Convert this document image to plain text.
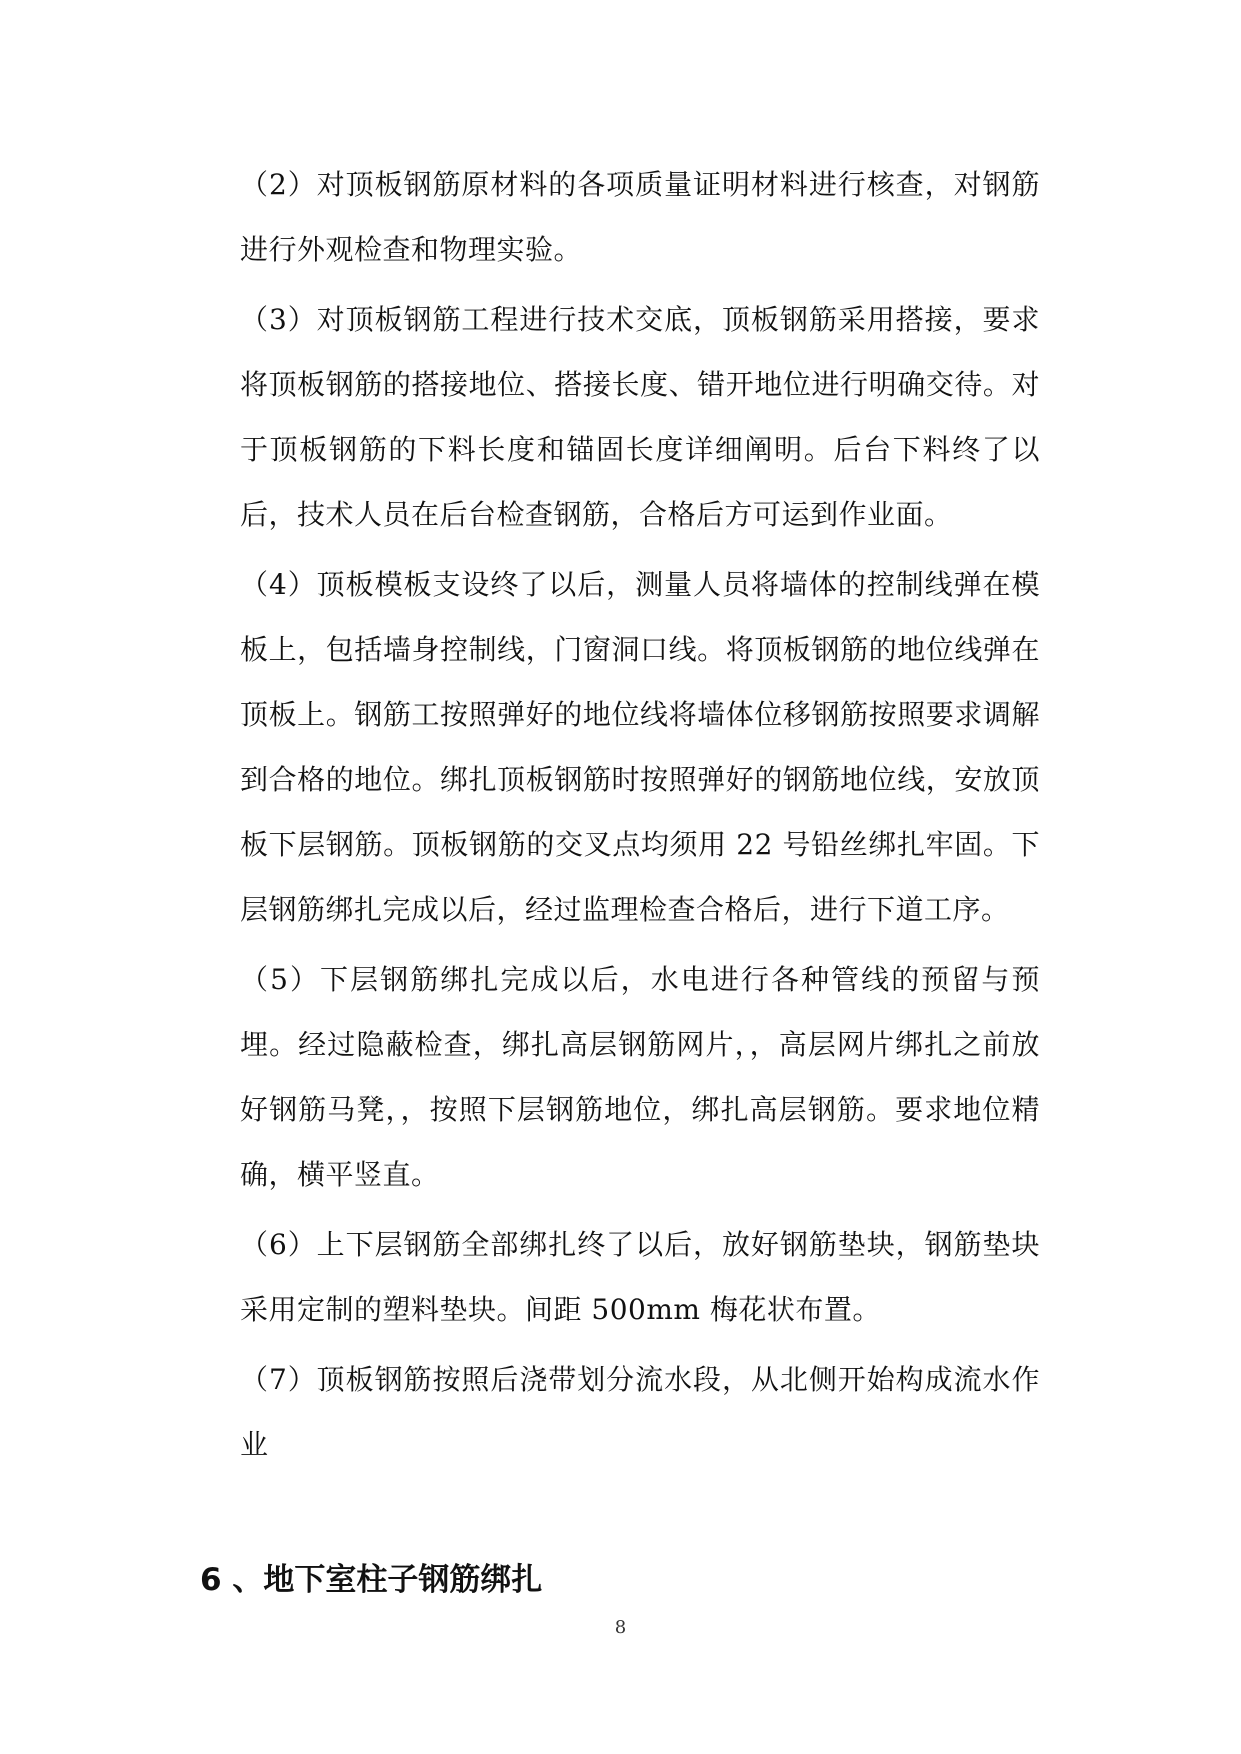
（2）对顶板钢筋原材料的各项质量证明材料进行核查，对钢筋进行外观检查和物理实验。

（3）对顶板钢筋工程进行技术交底，顶板钢筋采用搭接，要求将顶板钢筋的搭接地位、搭接长度、错开地位进行明确交待。对于顶板钢筋的下料长度和锚固长度详细阐明。后台下料终了以后，技术人员在后台检查钢筋，合格后方可运到作业面。

（4）顶板模板支设终了以后，测量人员将墙体的控制线弹在模板上，包括墙身控制线，门窗洞口线。将顶板钢筋的地位线弹在顶板上。钢筋工按照弹好的地位线将墙体位移钢筋按照要求调解到合格的地位。绑扎顶板钢筋时按照弹好的钢筋地位线，安放顶板下层钢筋。顶板钢筋的交叉点均须用 22 号铅丝绑扎牢固。下层钢筋绑扎完成以后，经过监理检查合格后，进行下道工序。

（5）下层钢筋绑扎完成以后，水电进行各种管线的预留与预埋。经过隐蔽检查，绑扎高层钢筋网片，，高层网片绑扎之前放好钢筋马凳，，按照下层钢筋地位，绑扎高层钢筋。要求地位精确，横平竖直。

（6）上下层钢筋全部绑扎终了以后，放好钢筋垫块，钢筋垫块采用定制的塑料垫块。间距 500mm 梅花状布置。

（7）顶板钢筋按照后浇带划分流水段，从北侧开始构成流水作业

6 、地下室柱子钢筋绑扎
8
